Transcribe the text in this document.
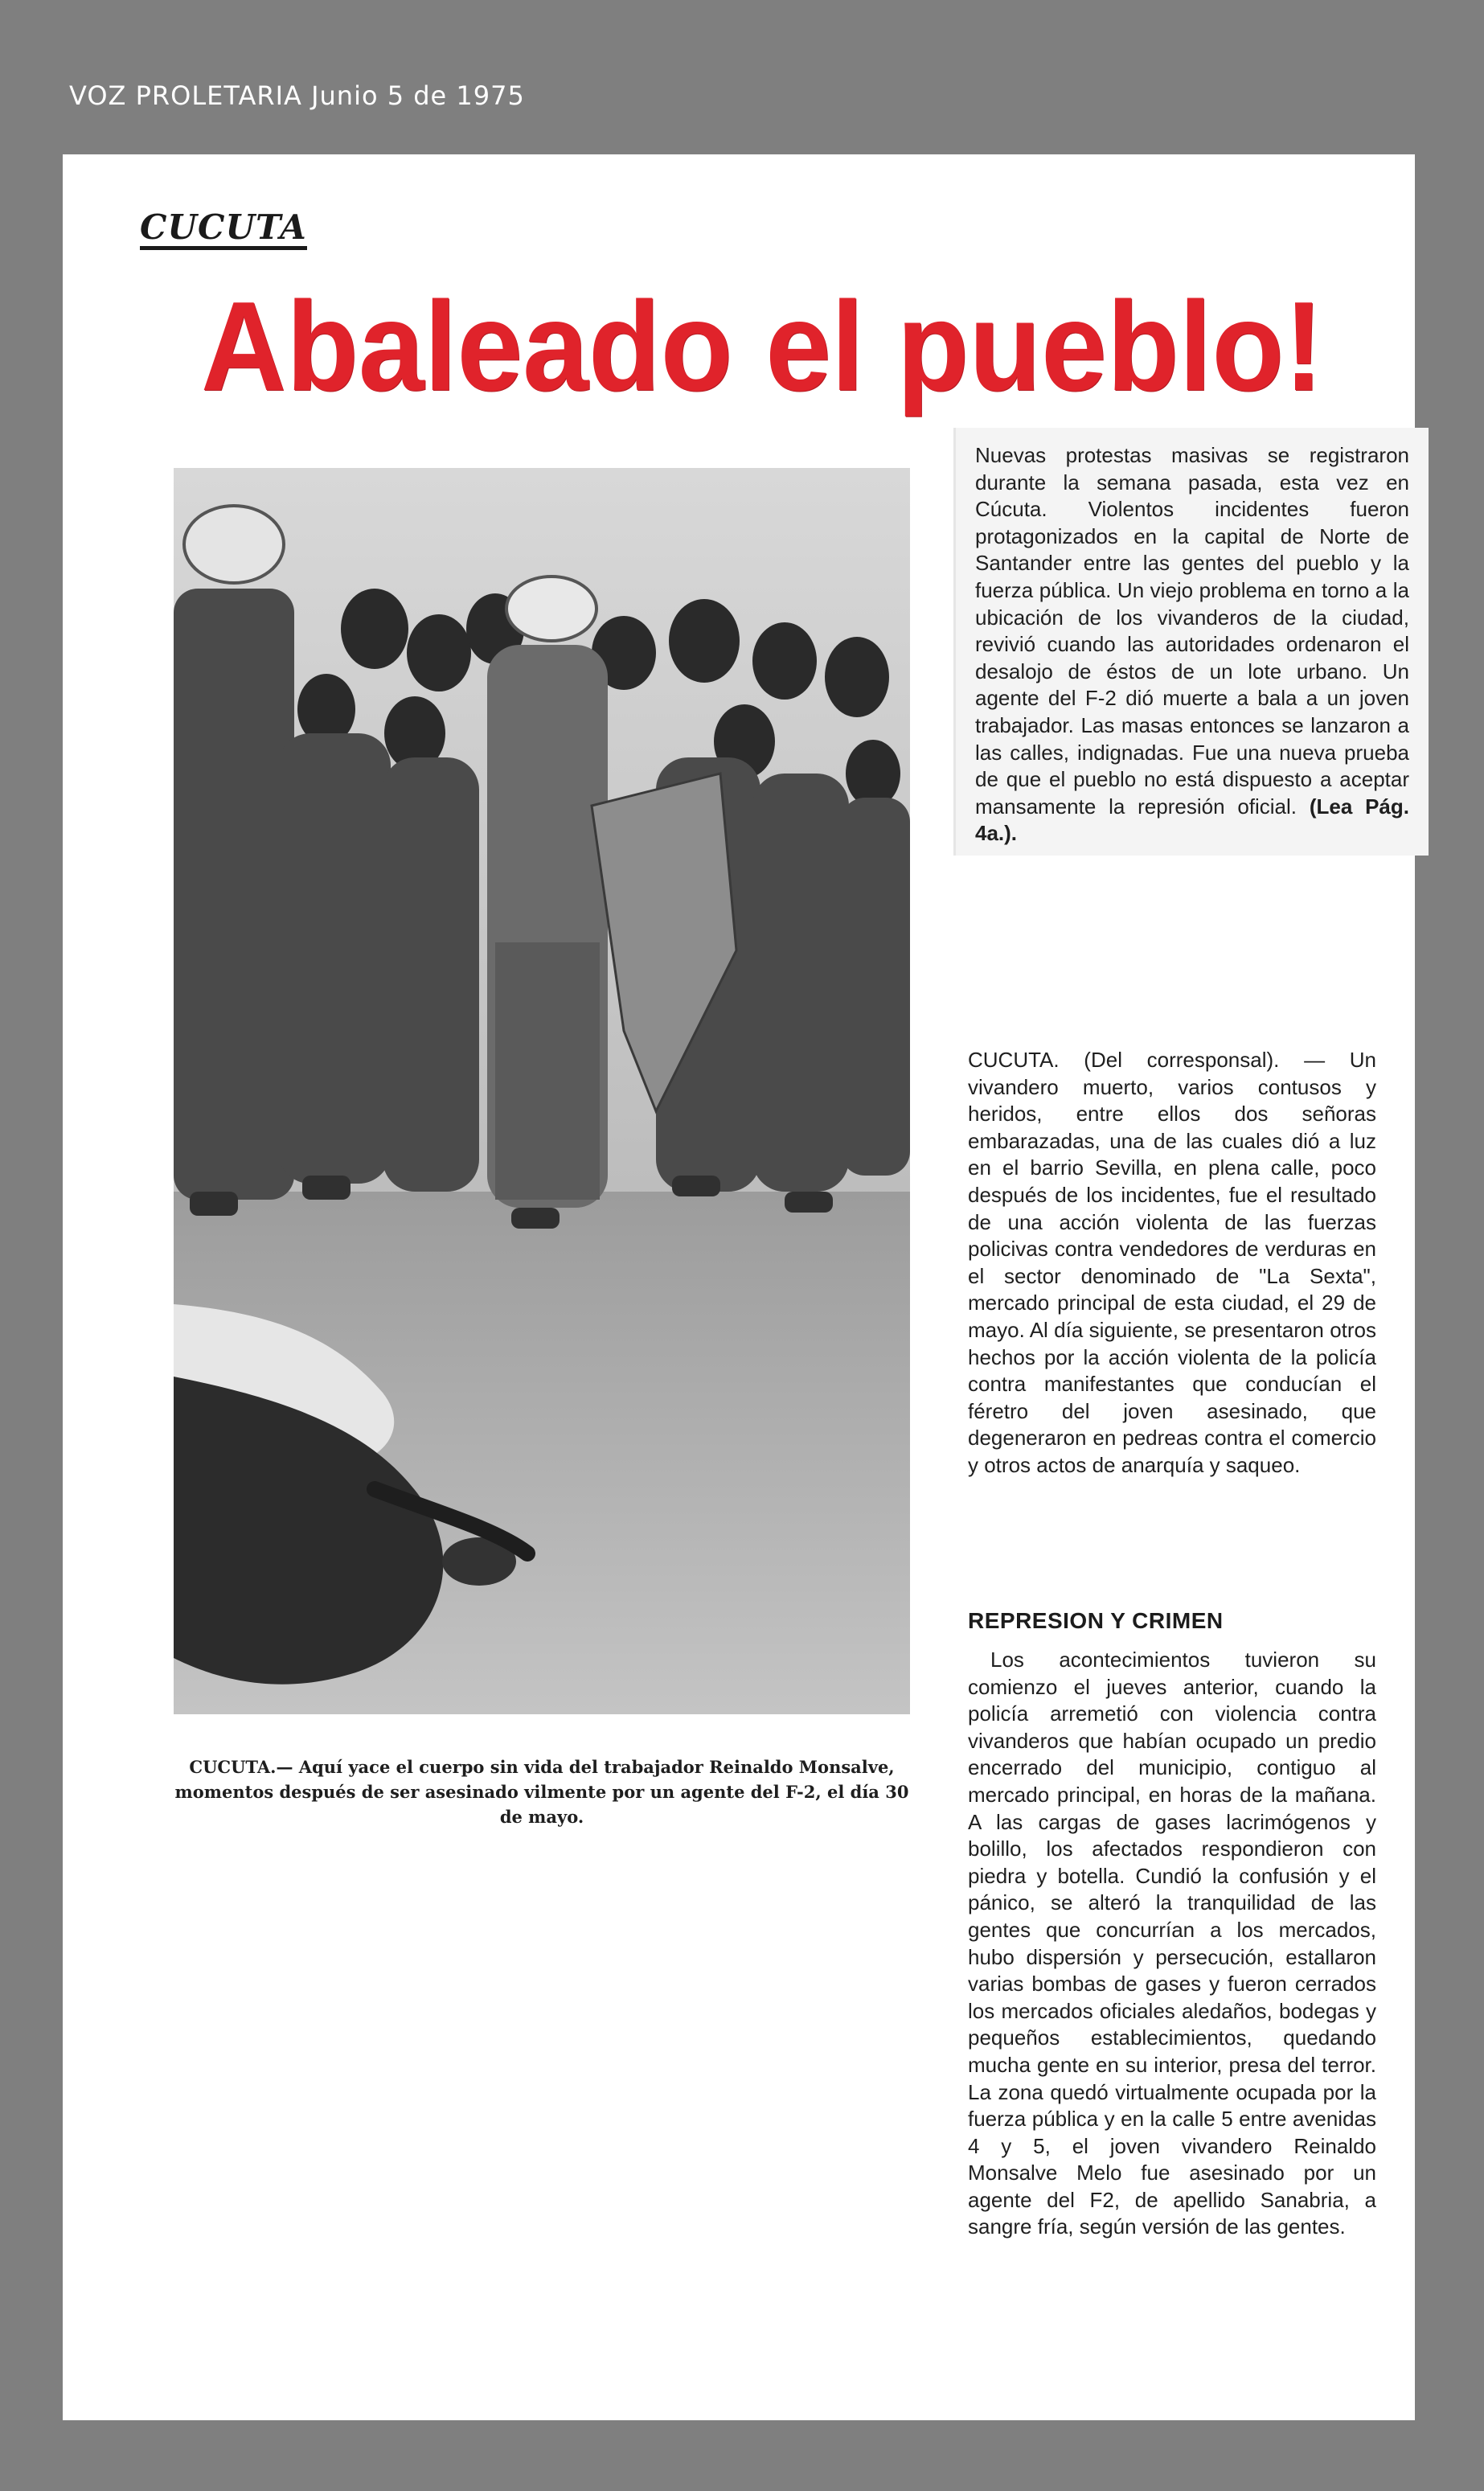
VOZ PROLETARIA Junio 5 de 1975
CUCUTA
Abaleado el pueblo!
CUCUTA.— Aquí yace el cuerpo sin vida del trabajador Reinaldo Monsalve, momentos después de ser asesinado vilmente por un agente del F-2, el día 30 de mayo.
Nuevas protestas masivas se registraron durante la semana pasada, esta vez en Cúcuta. Violentos incidentes fueron protagonizados en la capital de Norte de Santander entre las gentes del pueblo y la fuerza pública. Un viejo problema en torno a la ubicación de los vivanderos de la ciudad, revivió cuando las autoridades ordenaron el desalojo de éstos de un lote urbano. Un agente del F-2 dió muerte a bala a un joven trabajador. Las masas entonces se lanzaron a las calles, indignadas. Fue una nueva prueba de que el pueblo no está dispuesto a aceptar mansamente la represión oficial. (Lea Pág. 4a.).
CUCUTA. (Del corresponsal). — Un vivandero muerto, varios contusos y heridos, entre ellos dos señoras embarazadas, una de las cuales dió a luz en el barrio Sevilla, en plena calle, poco después de los incidentes, fue el resultado de una acción violenta de las fuerzas policivas contra vendedores de verduras en el sector denominado de "La Sexta", mercado principal de esta ciudad, el 29 de mayo. Al día siguiente, se presentaron otros hechos por la acción violenta de la policía contra manifestantes que conducían el féretro del joven asesinado, que degeneraron en pedreas contra el comercio y otros actos de anarquía y saqueo.
REPRESION Y CRIMEN
Los acontecimientos tuvieron su comienzo el jueves anterior, cuando la policía arremetió con violencia contra vivanderos que habían ocupado un predio encerrado del municipio, contiguo al mercado principal, en horas de la mañana. A las cargas de gases lacrimógenos y bolillo, los afectados respondieron con piedra y botella. Cundió la confusión y el pánico, se alteró la tranquilidad de las gentes que concurrían a los mercados, hubo dispersión y persecución, estallaron varias bombas de gases y fueron cerrados los mercados oficiales aledaños, bodegas y pequeños establecimientos, quedando mucha gente en su interior, presa del terror. La zona quedó virtualmente ocupada por la fuerza pública y en la calle 5 entre avenidas 4 y 5, el joven vivandero Reinaldo Monsalve Melo fue asesinado por un agente del F2, de apellido Sanabria, a sangre fría, según versión de las gentes.
